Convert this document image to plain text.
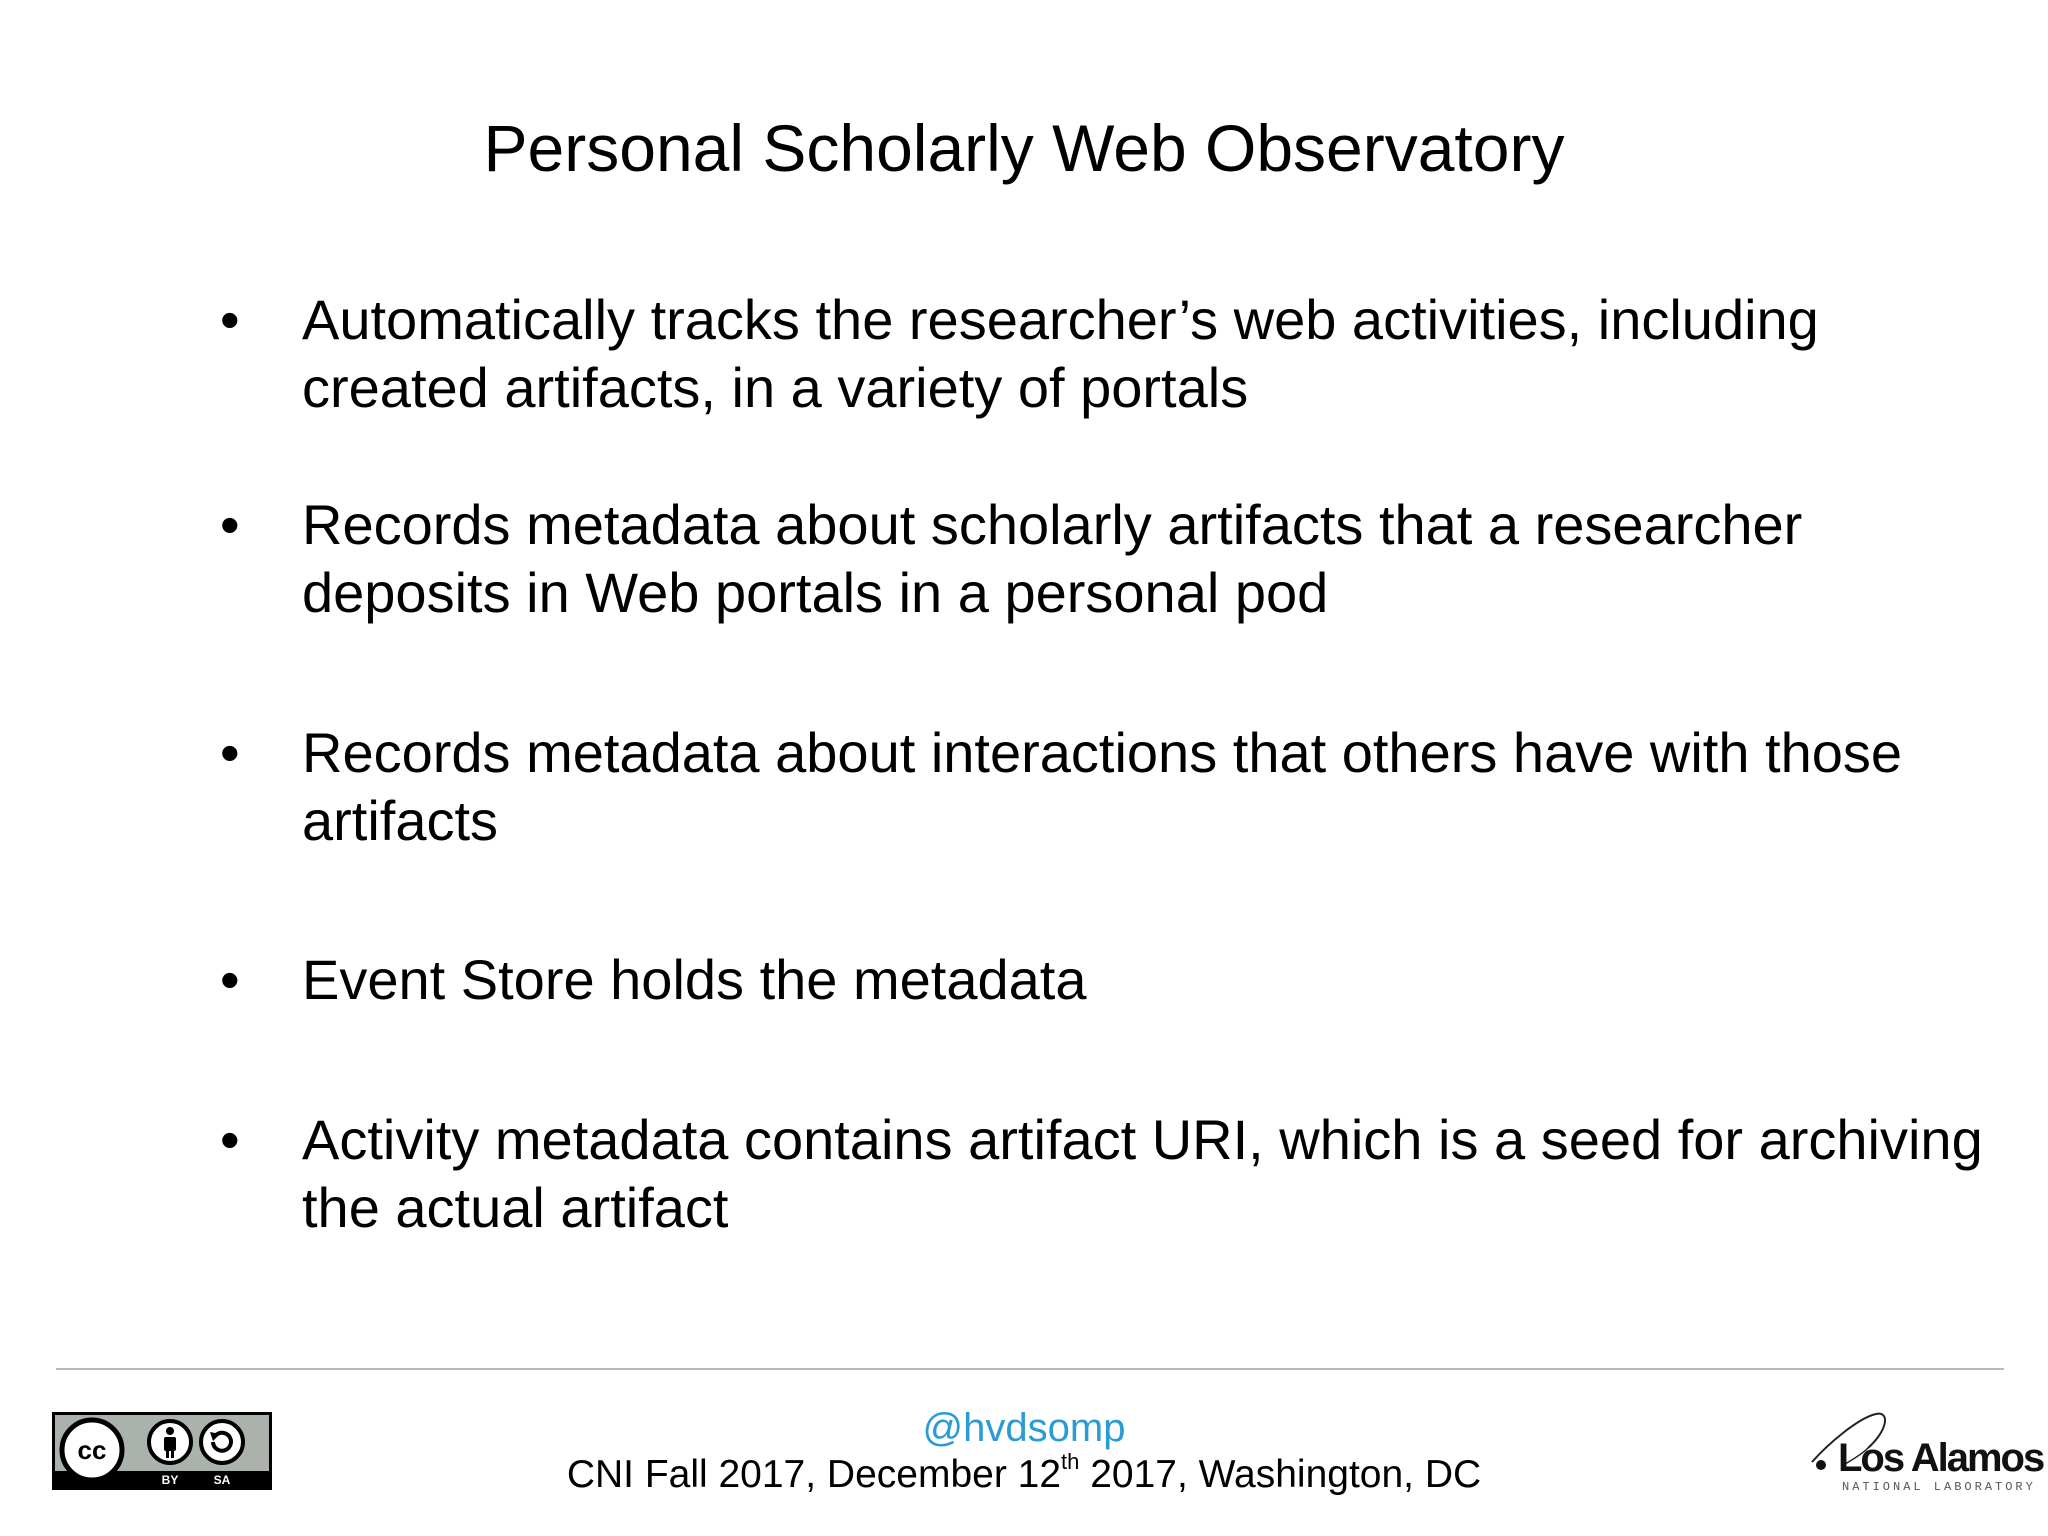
Personal Scholarly Web Observatory
• Automatically tracks the researcher’s web activities, including
created artifacts, in a variety of portals
• Records metadata about scholarly artifacts that a researcher
deposits in Web portals in a personal pod
• Records metadata about interactions that others have with those
artifacts
• Event Store holds the metadata
• Activity metadata contains artifact URI, which is a seed for archiving
the actual artifact
cc
BY	SA
@hvdsomp
CNI Fall 2017, December 12th 2017, Washington, DC	Los Alamos
NATIONAL LABORATORY
